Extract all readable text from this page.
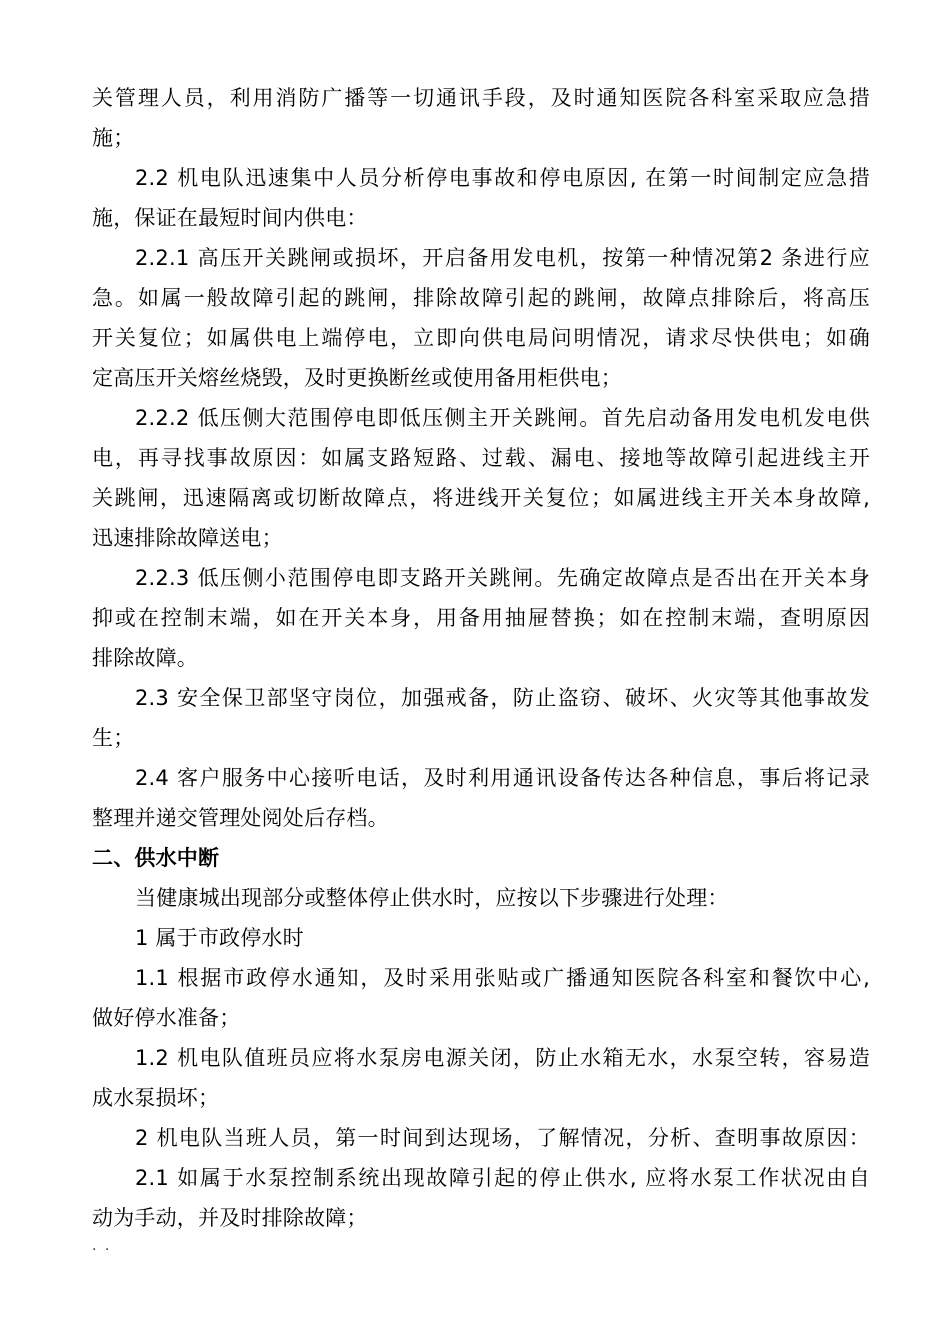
关管理人员，利用消防广播等一切通讯手段，及时通知医院各科室采取应急措
施；
2.2 机电队迅速集中人员分析停电事故和停电原因, 在第一时间制定应急措
施，保证在最短时间内供电：
2.2.1 高压开关跳闸或损坏，开启备用发电机，按第一种情况第2 条进行应
急。如属一般故障引起的跳闸，排除故障引起的跳闸，故障点排除后，将高压
开关复位；如属供电上端停电，立即向供电局问明情况，请求尽快供电；如确
定高压开关熔丝烧毁，及时更换断丝或使用备用柜供电；
2.2.2 低压侧大范围停电即低压侧主开关跳闸。首先启动备用发电机发电供
电，再寻找事故原因：如属支路短路、过载、漏电、接地等故障引起进线主开
关跳闸，迅速隔离或切断故障点，将进线开关复位；如属进线主开关本身故障,
迅速排除故障送电；
2.2.3 低压侧小范围停电即支路开关跳闸。先确定故障点是否出在开关本身
抑或在控制末端，如在开关本身，用备用抽屉替换；如在控制末端，查明原因
排除故障。
2.3 安全保卫部坚守岗位，加强戒备，防止盗窃、破坏、火灾等其他事故发
生；
2.4 客户服务中心接听电话，及时利用通讯设备传达各种信息，事后将记录
整理并递交管理处阅处后存档。
二、供水中断
当健康城出现部分或整体停止供水时，应按以下步骤进行处理：
1 属于市政停水时
1.1 根据市政停水通知，及时采用张贴或广播通知医院各科室和餐饮中心,
做好停水准备；
1.2 机电队值班员应将水泵房电源关闭，防止水箱无水，水泵空转，容易造
成水泵损坏；
2 机电队当班人员，第一时间到达现场，了解情况，分析、查明事故原因：
2.1 如属于水泵控制系统出现故障引起的停止供水, 应将水泵工作状况由自
动为手动，并及时排除故障；
. .
